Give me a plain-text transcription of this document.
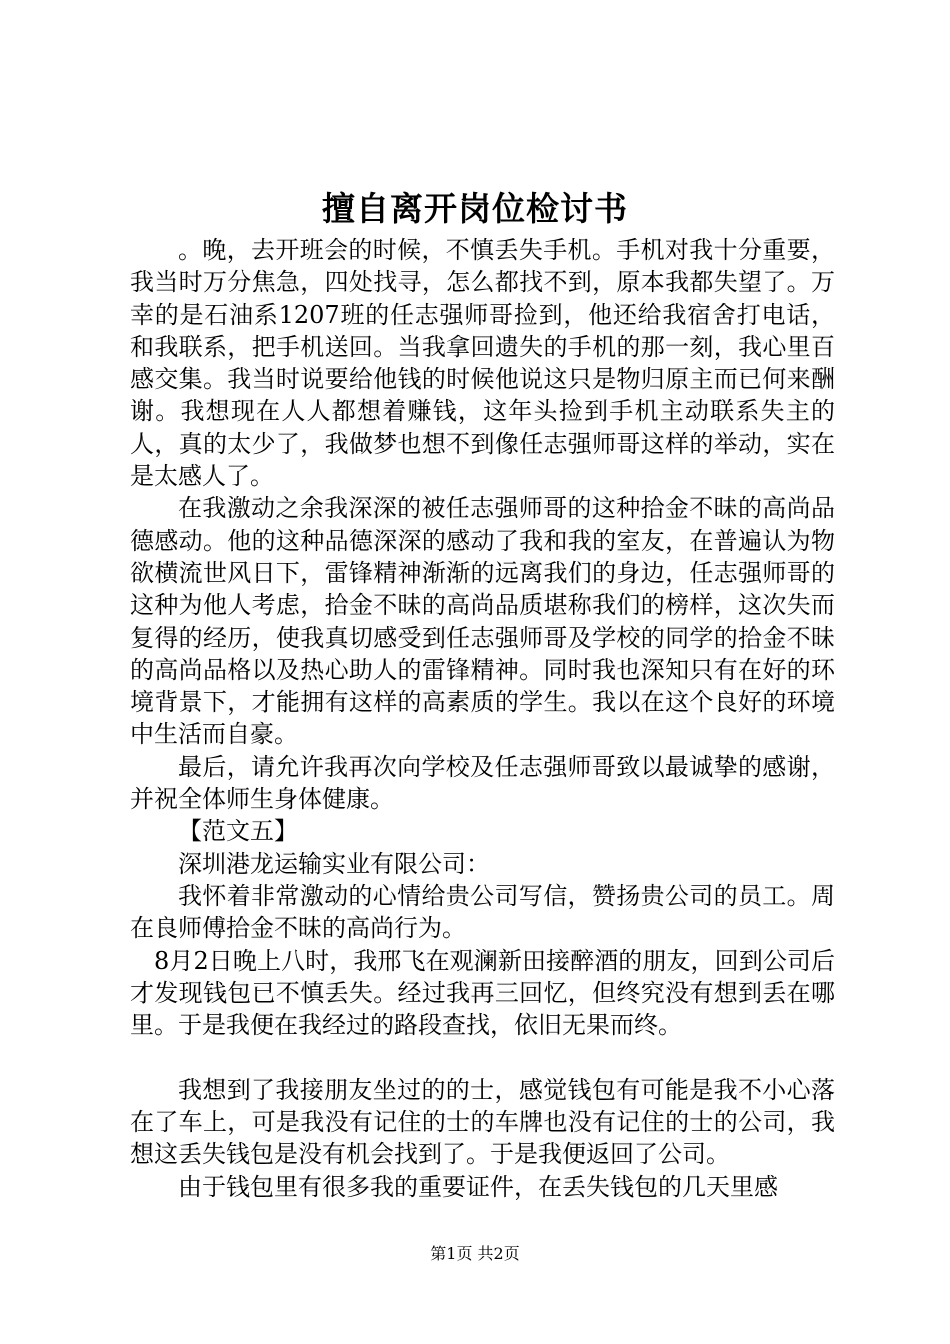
擅自离开岗位检讨书

。晚，去开班会的时候，不慎丢失手机。手机对我十分重要，我当时万分焦急，四处找寻，怎么都找不到，原本我都失望了。万幸的是石油系1207班的任志强师哥捡到，他还给我宿舍打电话，和我联系，把手机送回。当我拿回遗失的手机的那一刻，我心里百感交集。我当时说要给他钱的时候他说这只是物归原主而已何来酬谢。我想现在人人都想着赚钱，这年头捡到手机主动联系失主的人，真的太少了，我做梦也想不到像任志强师哥这样的举动，实在是太感人了。

在我激动之余我深深的被任志强师哥的这种拾金不昧的高尚品德感动。他的这种品德深深的感动了我和我的室友，在普遍认为物欲横流世风日下，雷锋精神渐渐的远离我们的身边，任志强师哥的这种为他人考虑，拾金不昧的高尚品质堪称我们的榜样，这次失而复得的经历，使我真切感受到任志强师哥及学校的同学的拾金不昧的高尚品格以及热心助人的雷锋精神。同时我也深知只有在好的环境背景下，才能拥有这样的高素质的学生。我以在这个良好的环境中生活而自豪。

最后，请允许我再次向学校及任志强师哥致以最诚挚的感谢，并祝全体师生身体健康。

【范文五】

深圳港龙运输实业有限公司：

我怀着非常激动的心情给贵公司写信，赞扬贵公司的员工。周在良师傅拾金不昧的高尚行为。

8月2日晚上八时，我邢飞在观澜新田接醉酒的朋友，回到公司后才发现钱包已不慎丢失。经过我再三回忆，但终究没有想到丢在哪里。于是我便在我经过的路段查找，依旧无果而终。

我想到了我接朋友坐过的的士，感觉钱包有可能是我不小心落在了车上，可是我没有记住的士的车牌也没有记住的士的公司，我想这丢失钱包是没有机会找到了。于是我便返回了公司。

由于钱包里有很多我的重要证件，在丢失钱包的几天里感

第1页 共2页
